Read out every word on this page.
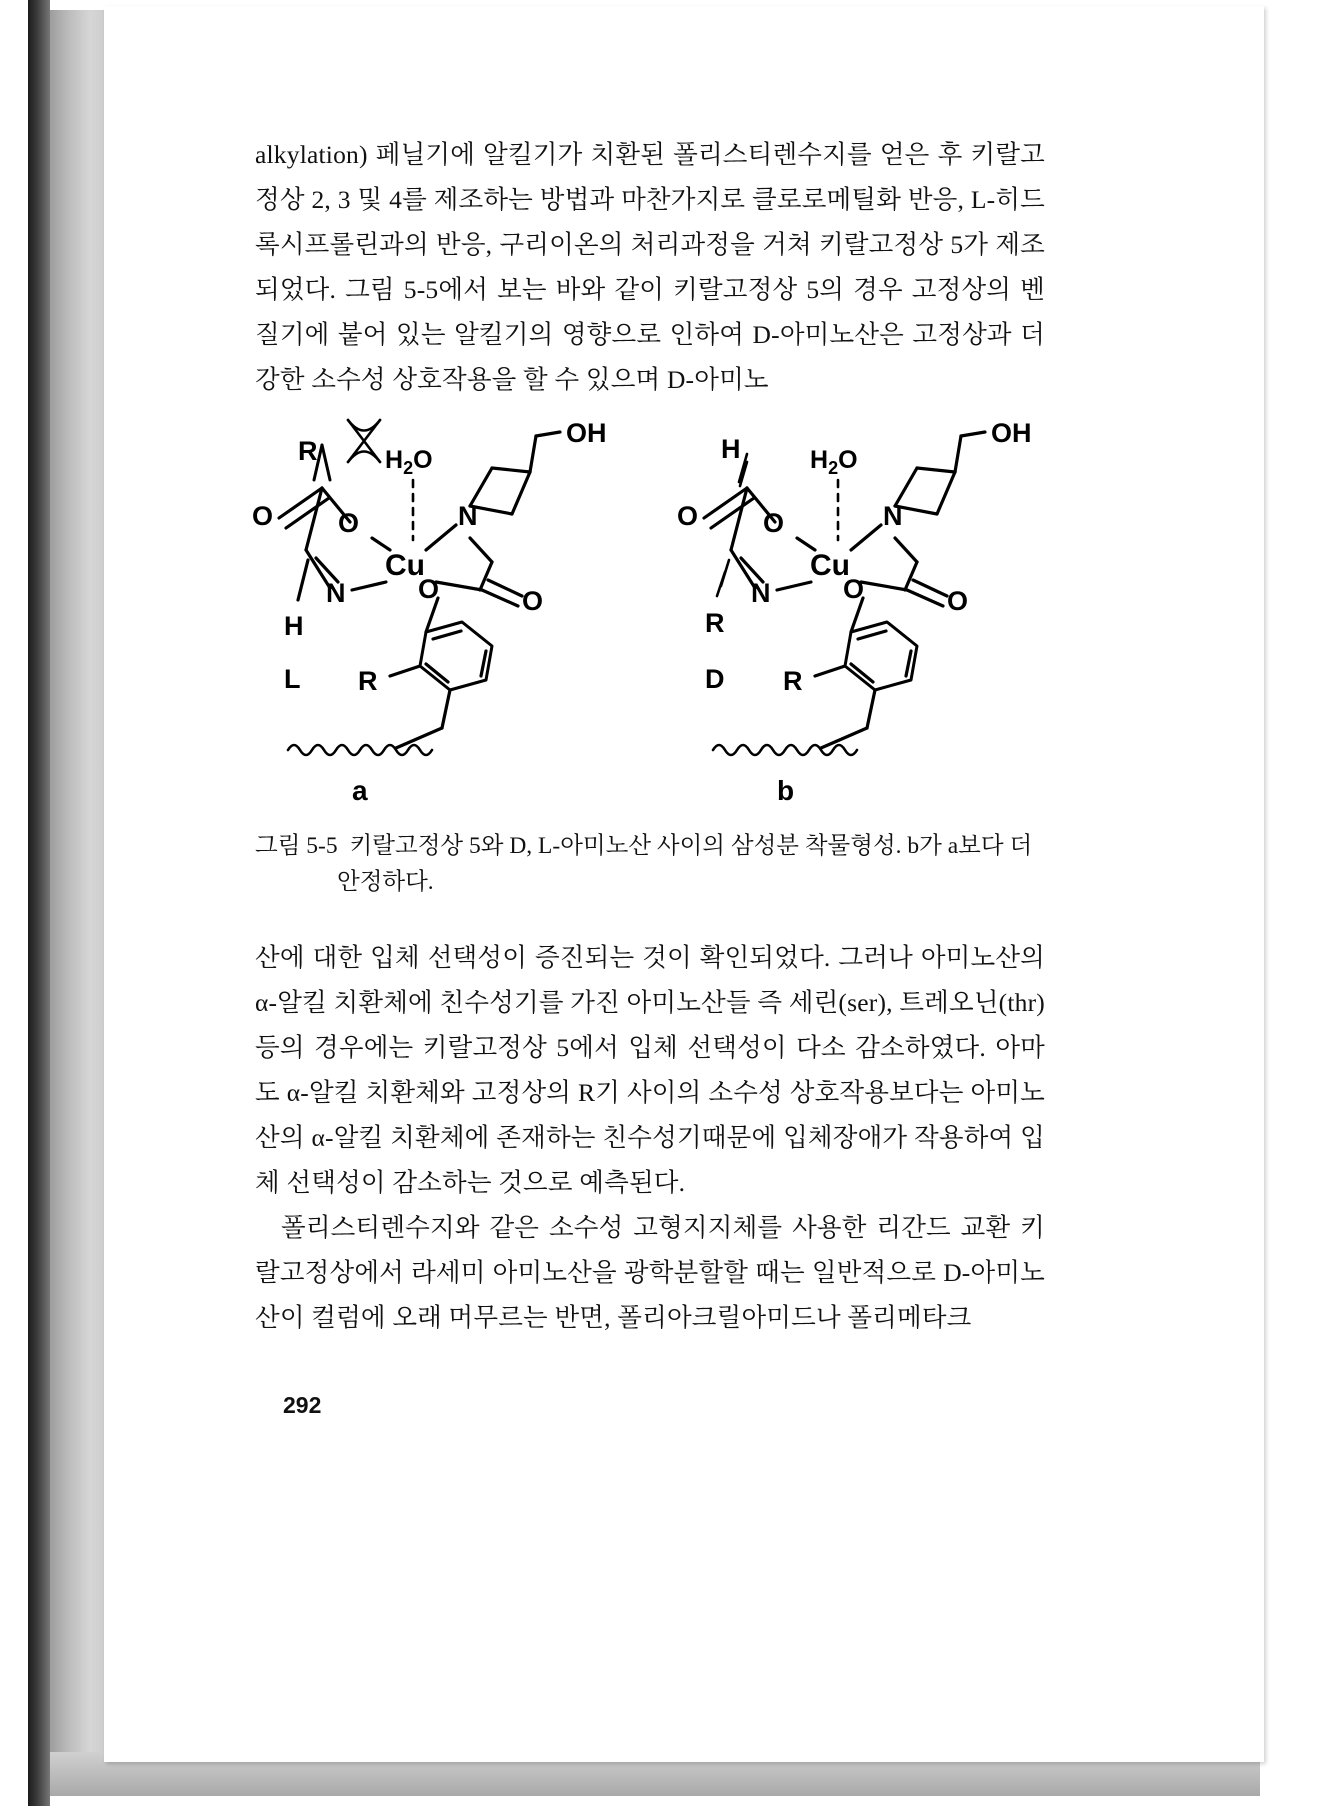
alkylation) 페닐기에 알킬기가 치환된 폴리스티렌수지를 얻은 후 키랄고정상 2, 3 및 4를 제조하는 방법과 마찬가지로 클로로메틸화 반응, L-히드록시프롤린과의 반응, 구리이온의 처리과정을 거쳐 키랄고정상 5가 제조되었다. 그림 5-5에서 보는 바와 같이 키랄고정상 5의 경우 고정상의 벤질기에 붙어 있는 알킬기의 영향으로 인하여 D-아미노산은 고정상과 더 강한 소수성 상호작용을 할 수 있으며 D-아미노

R
O O
H
L
N
Cu
$H_2O$
N
OH
O	O
R
a
H
O O
R
D
N
Cu
$H_2O$
N
OH
O	O
R
b
그림 5-5 키랄고정상 5와 D, L-아미노산 사이의 삼성분 착물형성. b가 a보다 더
안정하다.

산에 대한 입체 선택성이 증진되는 것이 확인되었다. 그러나 아미노산의 α-알킬 치환체에 친수성기를 가진 아미노산들 즉 세린(ser), 트레오닌(thr) 등의 경우에는 키랄고정상 5에서 입체 선택성이 다소 감소하였다. 아마도 α-알킬 치환체와 고정상의 R기 사이의 소수성 상호작용보다는 아미노산의 α-알킬 치환체에 존재하는 친수성기때문에 입체장애가 작용하여 입체 선택성이 감소하는 것으로 예측된다.

폴리스티렌수지와 같은 소수성 고형지지체를 사용한 리간드 교환 키랄고정상에서 라세미 아미노산을 광학분할할 때는 일반적으로 D-아미노산이 컬럼에 오래 머무르는 반면, 폴리아크릴아미드나 폴리메타크

292
